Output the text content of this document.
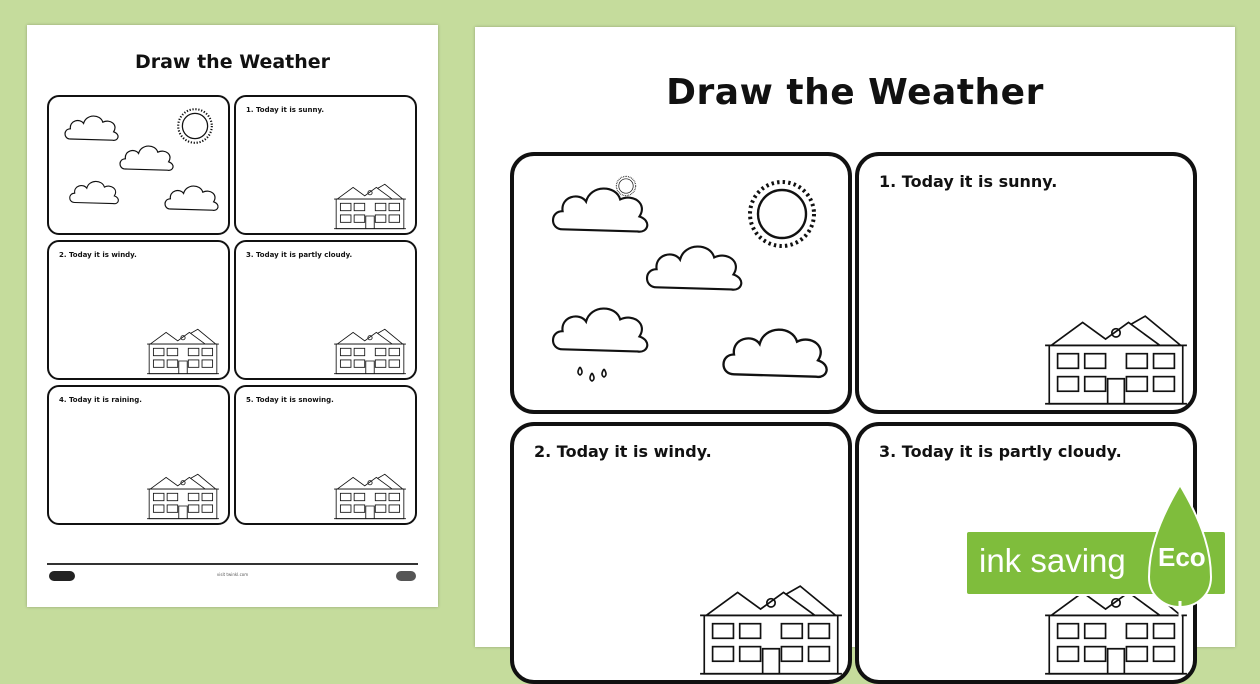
Draw the Weather
1. Today it is sunny.
2. Today it is windy.	3. Today it is partly cloudy.
4. Today it is raining.	5. Today it is snowing.
visit twinkl.com
Draw the Weather
1. Today it is sunny.
2. Today it is windy.	3. Today it is partly cloudy.
ink saving Eco
